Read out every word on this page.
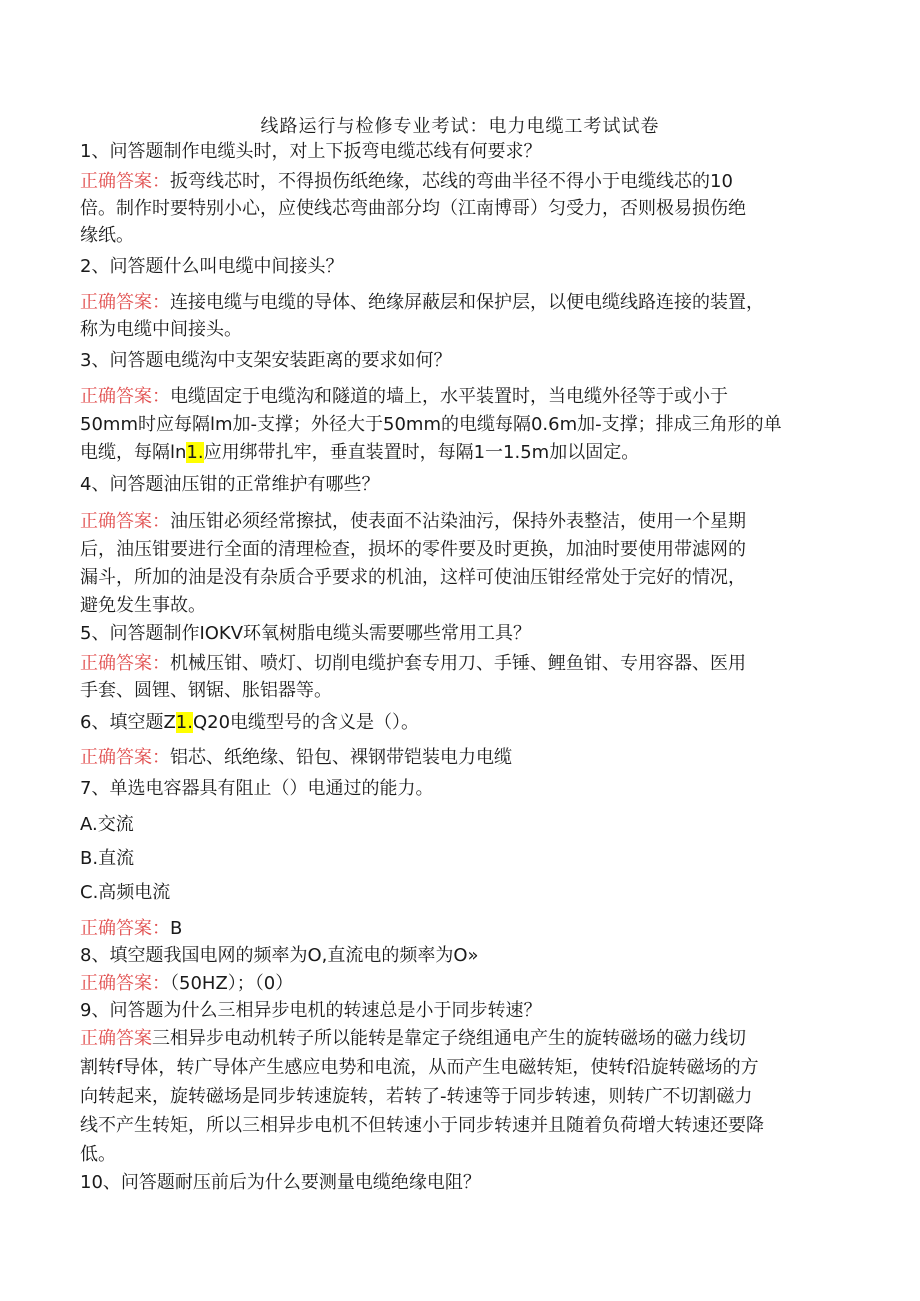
线路运行与检修专业考试：电力电缆工考试试卷
1、问答题制作电缆头时，对上下扳弯电缆芯线有何要求？
正确答案：扳弯线芯时，不得损伤纸绝缘，芯线的弯曲半径不得小于电缆线芯的10
倍。制作时要特别小心，应使线芯弯曲部分均（江南博哥）匀受力，否则极易损伤绝
缘纸。
2、问答题什么叫电缆中间接头？
正确答案：连接电缆与电缆的导体、绝缘屏蔽层和保护层，以便电缆线路连接的装置，
称为电缆中间接头。
3、问答题电缆沟中支架安装距离的要求如何？
正确答案：电缆固定于电缆沟和隧道的墙上，水平装置时，当电缆外径等于或小于
50mm时应每隔lm加-支撑；外径大于50mm的电缆每隔0.6m加-支撑；排成三角形的单
电缆，每隔ln1.应用绑带扎牢，垂直装置时，每隔1一1.5m加以固定。
4、问答题油压钳的正常维护有哪些？
正确答案：油压钳必须经常擦拭，使表面不沾染油污，保持外表整洁，使用一个星期
后，油压钳要进行全面的清理检查，损坏的零件要及时更换，加油时要使用带滤网的
漏斗，所加的油是没有杂质合乎要求的机油，这样可使油压钳经常处于完好的情况，
避免发生事故。
5、问答题制作IOKV环氧树脂电缆头需要哪些常用工具？
正确答案：机械压钳、喷灯、切削电缆护套专用刀、手锤、鲤鱼钳、专用容器、医用
手套、圆锂、钢锯、胀铝器等。
6、填空题Z1.Q20电缆型号的含义是（）。
正确答案：铝芯、纸绝缘、铅包、裸钢带铠装电力电缆
7、单选电容器具有阻止（）电通过的能力。
A.交流
B.直流
C.高频电流
正确答案：B
8、填空题我国电网的频率为O,直流电的频率为O»
正确答案：（50HZ）；（0）
9、问答题为什么三相异步电机的转速总是小于同步转速？
正确答案三相异步电动机转子所以能转是靠定子绕组通电产生的旋转磁场的磁力线切
割转f导体，转广导体产生感应电势和电流，从而产生电磁转矩，使转f沿旋转磁场的方
向转起来，旋转磁场是同步转速旋转，若转了-转速等于同步转速，则转广不切割磁力
线不产生转矩，所以三相异步电机不但转速小于同步转速并且随着负荷增大转速还要降
低。
10、问答题耐压前后为什么要测量电缆绝缘电阻？
